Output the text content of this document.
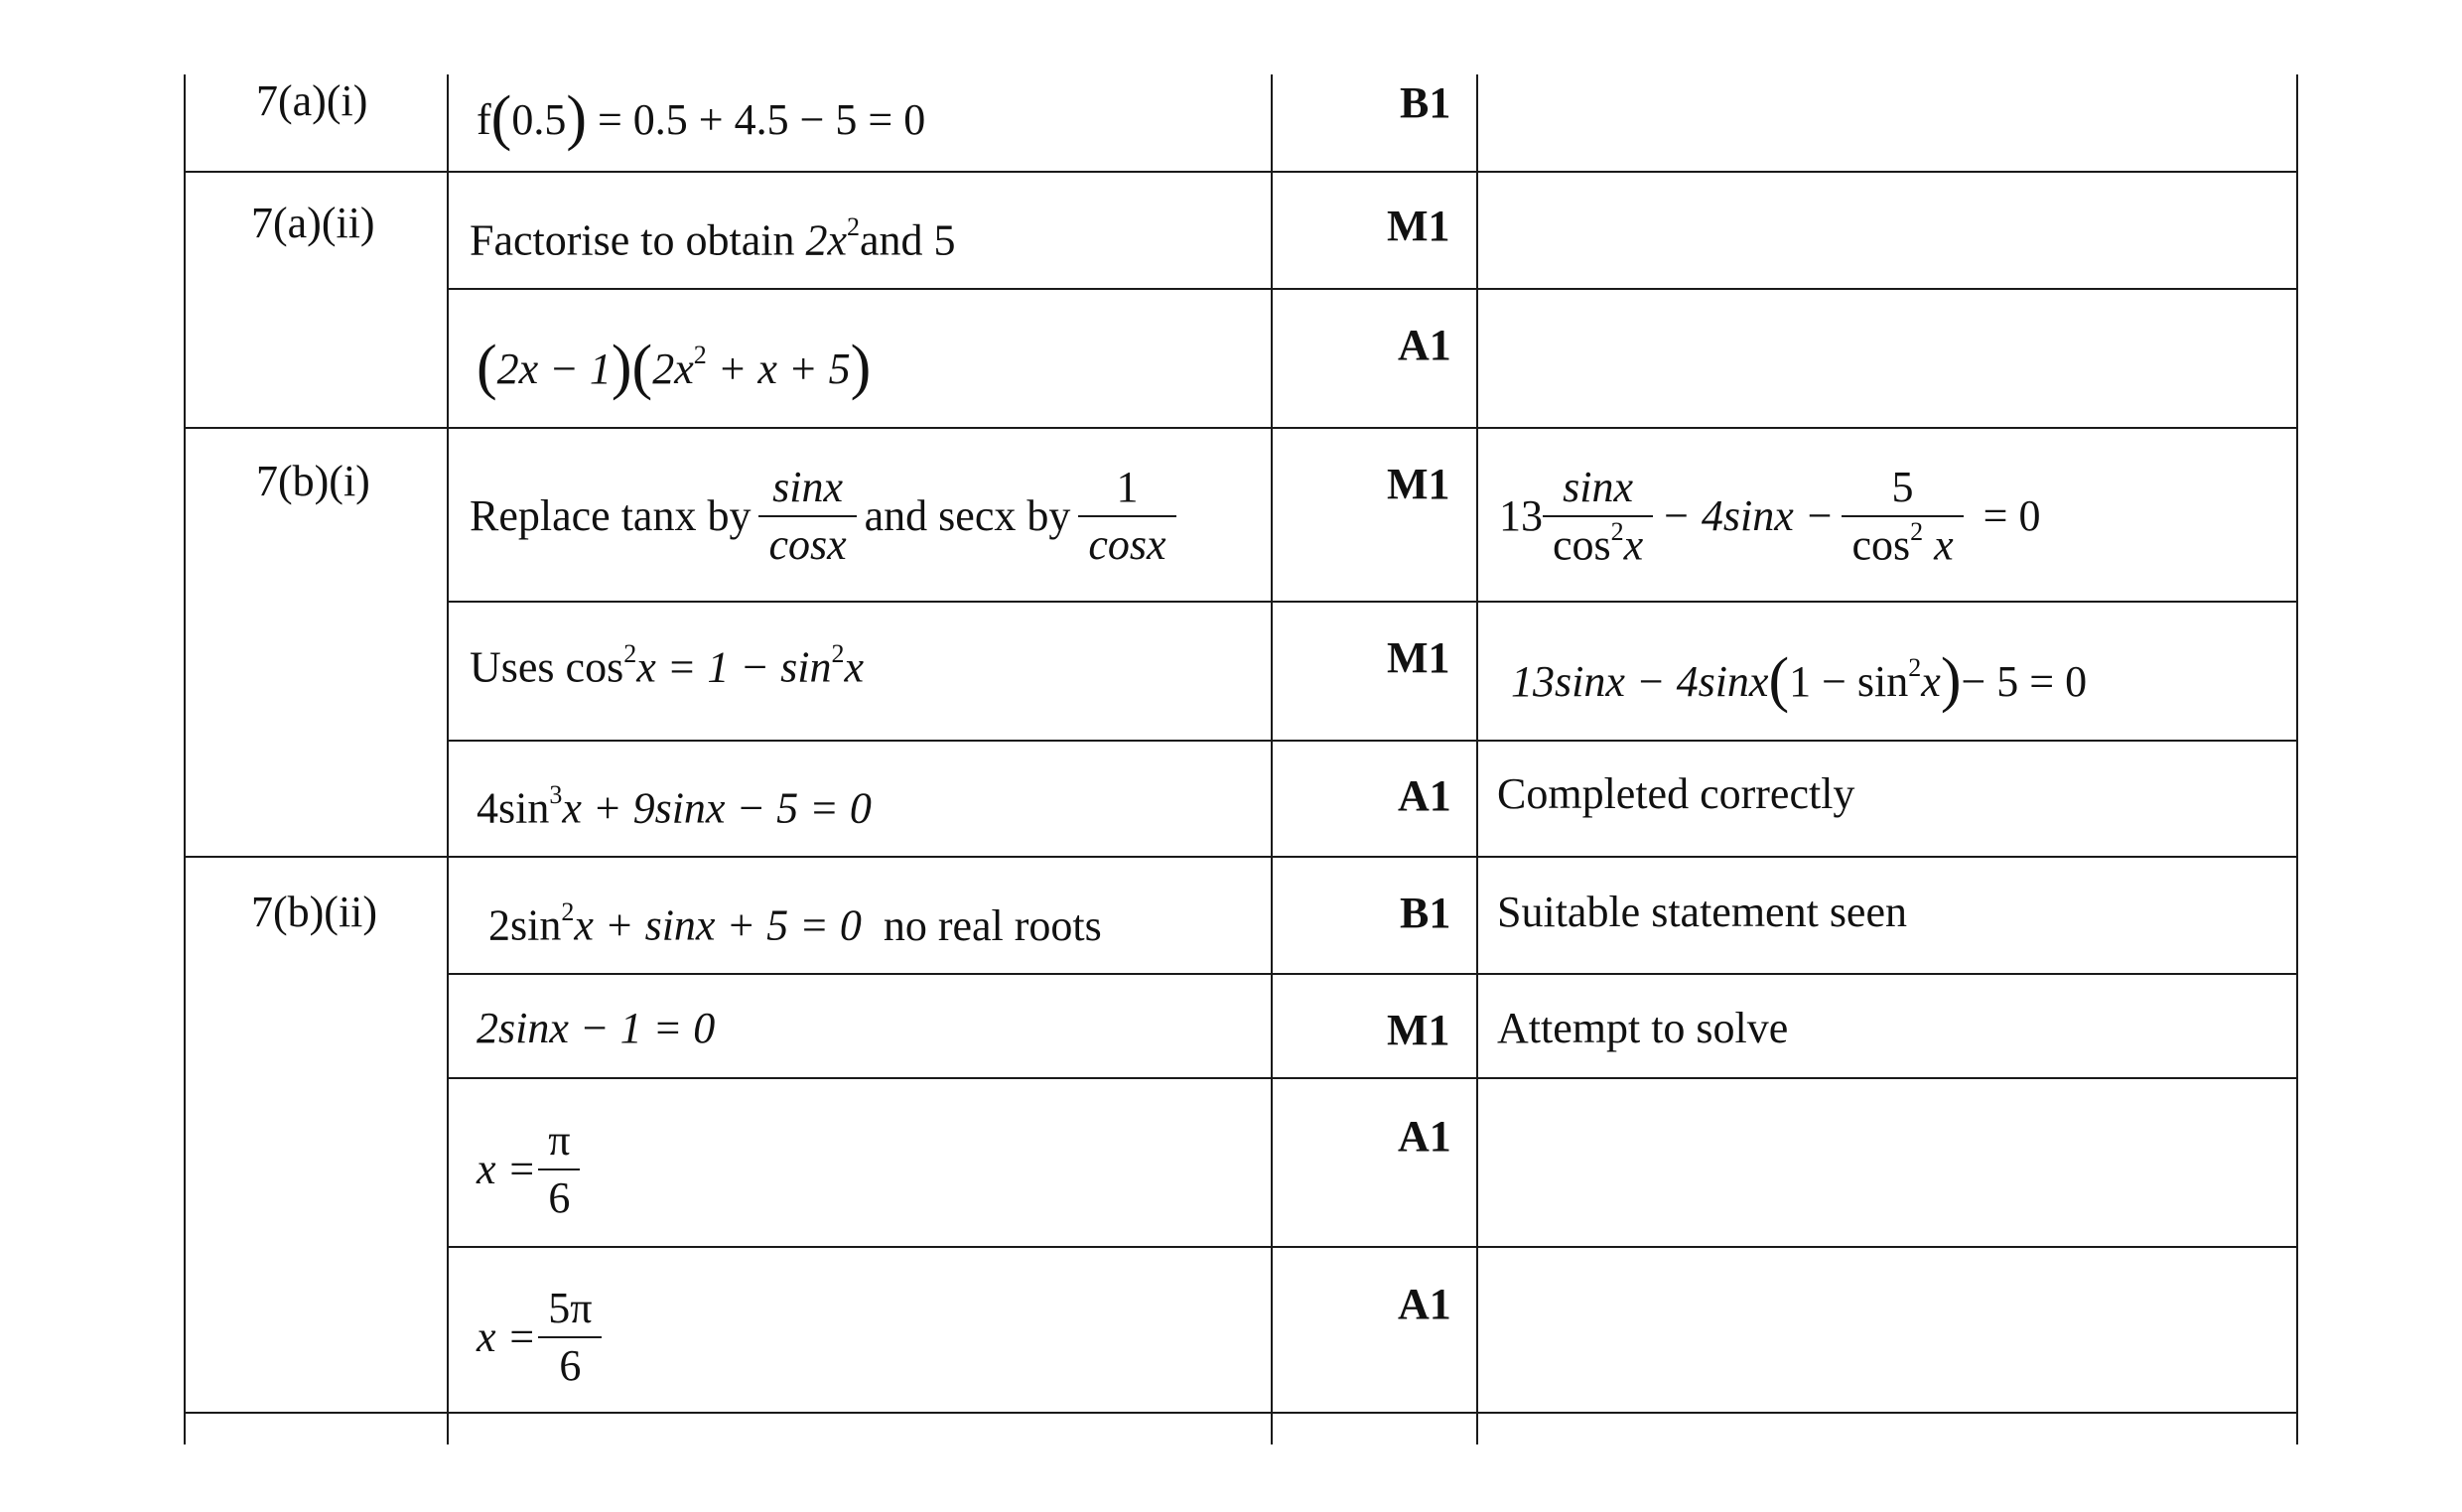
7(a)(i)
7(a)(ii)
7(b)(i)
7(b)(ii)
B1
M1
A1
M1
M1
A1
B1
M1
A1
A1
f(0.5) = 0.5 + 4.5 − 5 = 0
Factorise to obtain $2x^2and$ 5
$(2x - 1)(2x^2 + x + 5)$
Replace tanx by $\frac{\sin x}{\cos x}$ and secx by $\frac{1}{\cos x}$
Uses $\cos^2x = 1 - \sin^2x$
$4\sin^3x + 9\sin x - 5 = 0$
$2\sin^2x + \sin x + 5 = 0$ no real roots
2sinx − 1 = 0
$x = \frac{\pi}{6}$
$x = \frac{5\pi}{6}$
$13 \frac{\sin x}{\cos^2x} - 4\sin x - \frac{5}{\cos^2 x} = 0$
$13\sin x - 4\sin x(1 - \sin^2x)- 5 = 0$
Completed correctly
Suitable statement seen
Attempt to solve
